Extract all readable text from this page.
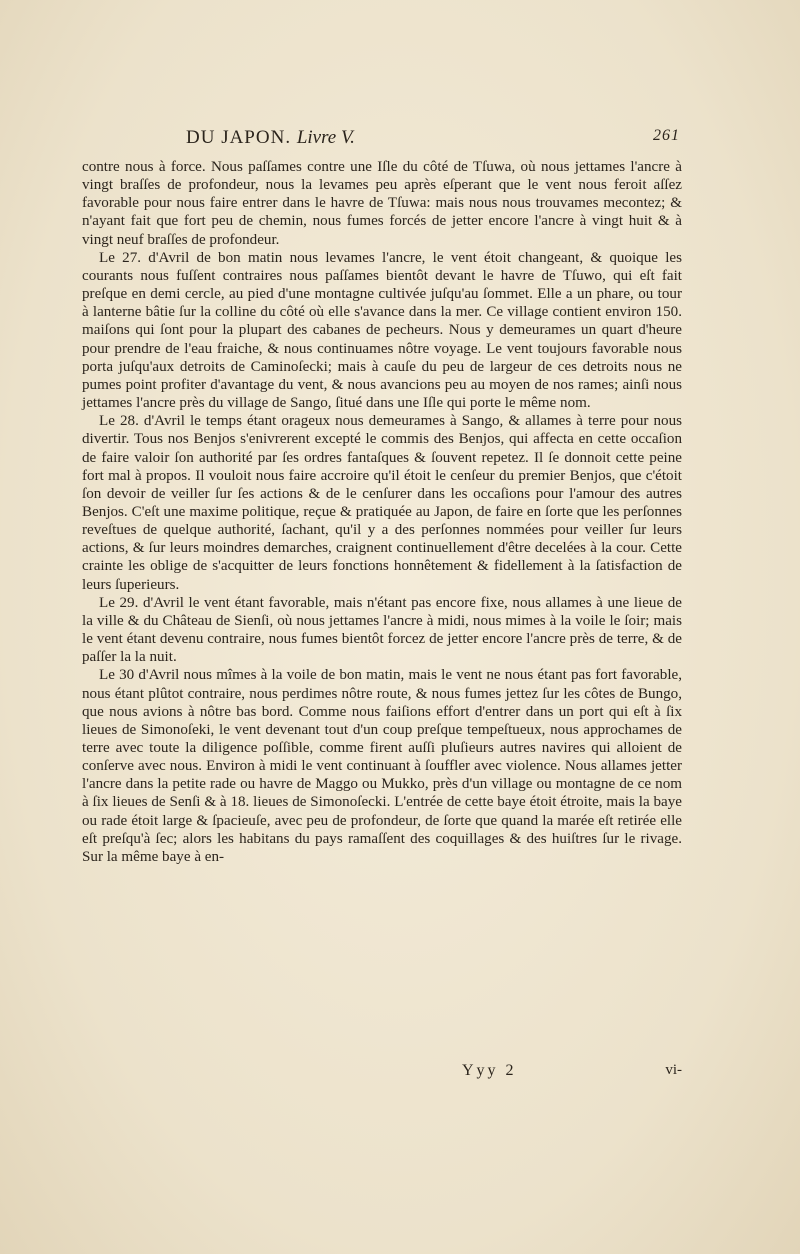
DU JAPON. Livre V.	261

contre nous à force. Nous paſſames contre une Iſle du côté de Tſuwa, où nous jettames l'ancre à vingt braſſes de profondeur, nous la levames peu après eſperant que le vent nous feroit aſſez favorable pour nous faire entrer dans le havre de Tſuwa: mais nous nous trouvames mecontez; & n'ayant fait que fort peu de chemin, nous fumes forcés de jetter encore l'ancre à vingt huit & à vingt neuf braſſes de profondeur.

Le 27. d'Avril de bon matin nous levames l'ancre, le vent étoit changeant, & quoique les courants nous fuſſent contraires nous paſſames bientôt devant le havre de Tſuwo, qui eſt fait preſque en demi cercle, au pied d'une montagne cultivée juſqu'au ſommet. Elle a un phare, ou tour à lanterne bâtie ſur la colline du côté où elle s'avance dans la mer. Ce village contient environ 150. maiſons qui ſont pour la plupart des cabanes de pecheurs. Nous y demeurames un quart d'heure pour prendre de l'eau fraiche, & nous continuames nôtre voyage. Le vent toujours favorable nous porta juſqu'aux detroits de Caminoſecki; mais à cauſe du peu de largeur de ces detroits nous ne pumes point profiter d'avantage du vent, & nous avancions peu au moyen de nos rames; ainſi nous jettames l'ancre près du village de Sango, ſitué dans une Iſle qui porte le même nom.

Le 28. d'Avril le temps étant orageux nous demeurames à Sango, & allames à terre pour nous divertir. Tous nos Benjos s'enivrerent excepté le commis des Benjos, qui affecta en cette occaſion de faire valoir ſon authorité par ſes ordres fantaſques & ſouvent repetez. Il ſe donnoit cette peine fort mal à propos. Il vouloit nous faire accroire qu'il étoit le cenſeur du premier Benjos, que c'étoit ſon devoir de veiller ſur ſes actions & de le cenſurer dans les occaſions pour l'amour des autres Benjos. C'eſt une maxime politique, reçue & pratiquée au Japon, de faire en ſorte que les perſonnes reveſtues de quelque authorité, ſachant, qu'il y a des perſonnes nommées pour veiller ſur leurs actions, & ſur leurs moindres demarches, craignent continuellement d'être decelées à la cour. Cette crainte les oblige de s'acquitter de leurs fonctions honnêtement & fidellement à la ſatisfaction de leurs ſuperieurs.

Le 29. d'Avril le vent étant favorable, mais n'étant pas encore fixe, nous allames à une lieue de la ville & du Château de Sienſi, où nous jettames l'ancre à midi, nous mimes à la voile le ſoir; mais le vent étant devenu contraire, nous fumes bientôt forcez de jetter encore l'ancre près de terre, & de paſſer la la nuit.

Le 30 d'Avril nous mîmes à la voile de bon matin, mais le vent ne nous étant pas fort favorable, nous étant plûtot contraire, nous perdimes nôtre route, & nous fumes jettez ſur les côtes de Bungo, que nous avions à nôtre bas bord. Comme nous faiſions effort d'entrer dans un port qui eſt à ſix lieues de Simonoſeki, le vent devenant tout d'un coup preſque tempeſtueux, nous approchames de terre avec toute la diligence poſſible, comme firent auſſi pluſieurs autres navires qui alloient de conſerve avec nous. Environ à midi le vent continuant à ſouffler avec violence. Nous allames jetter l'ancre dans la petite rade ou havre de Maggo ou Mukko, près d'un village ou montagne de ce nom à ſix lieues de Senſi & à 18. lieues de Simonoſecki. L'entrée de cette baye étoit étroite, mais la baye ou rade étoit large & ſpacieuſe, avec peu de profondeur, de ſorte que quand la marée eſt retirée elle eſt preſqu'à ſec; alors les habitans du pays ramaſſent des coquillages & des huiſtres ſur le rivage. Sur la même baye à en-

Yyy 2	vi-
